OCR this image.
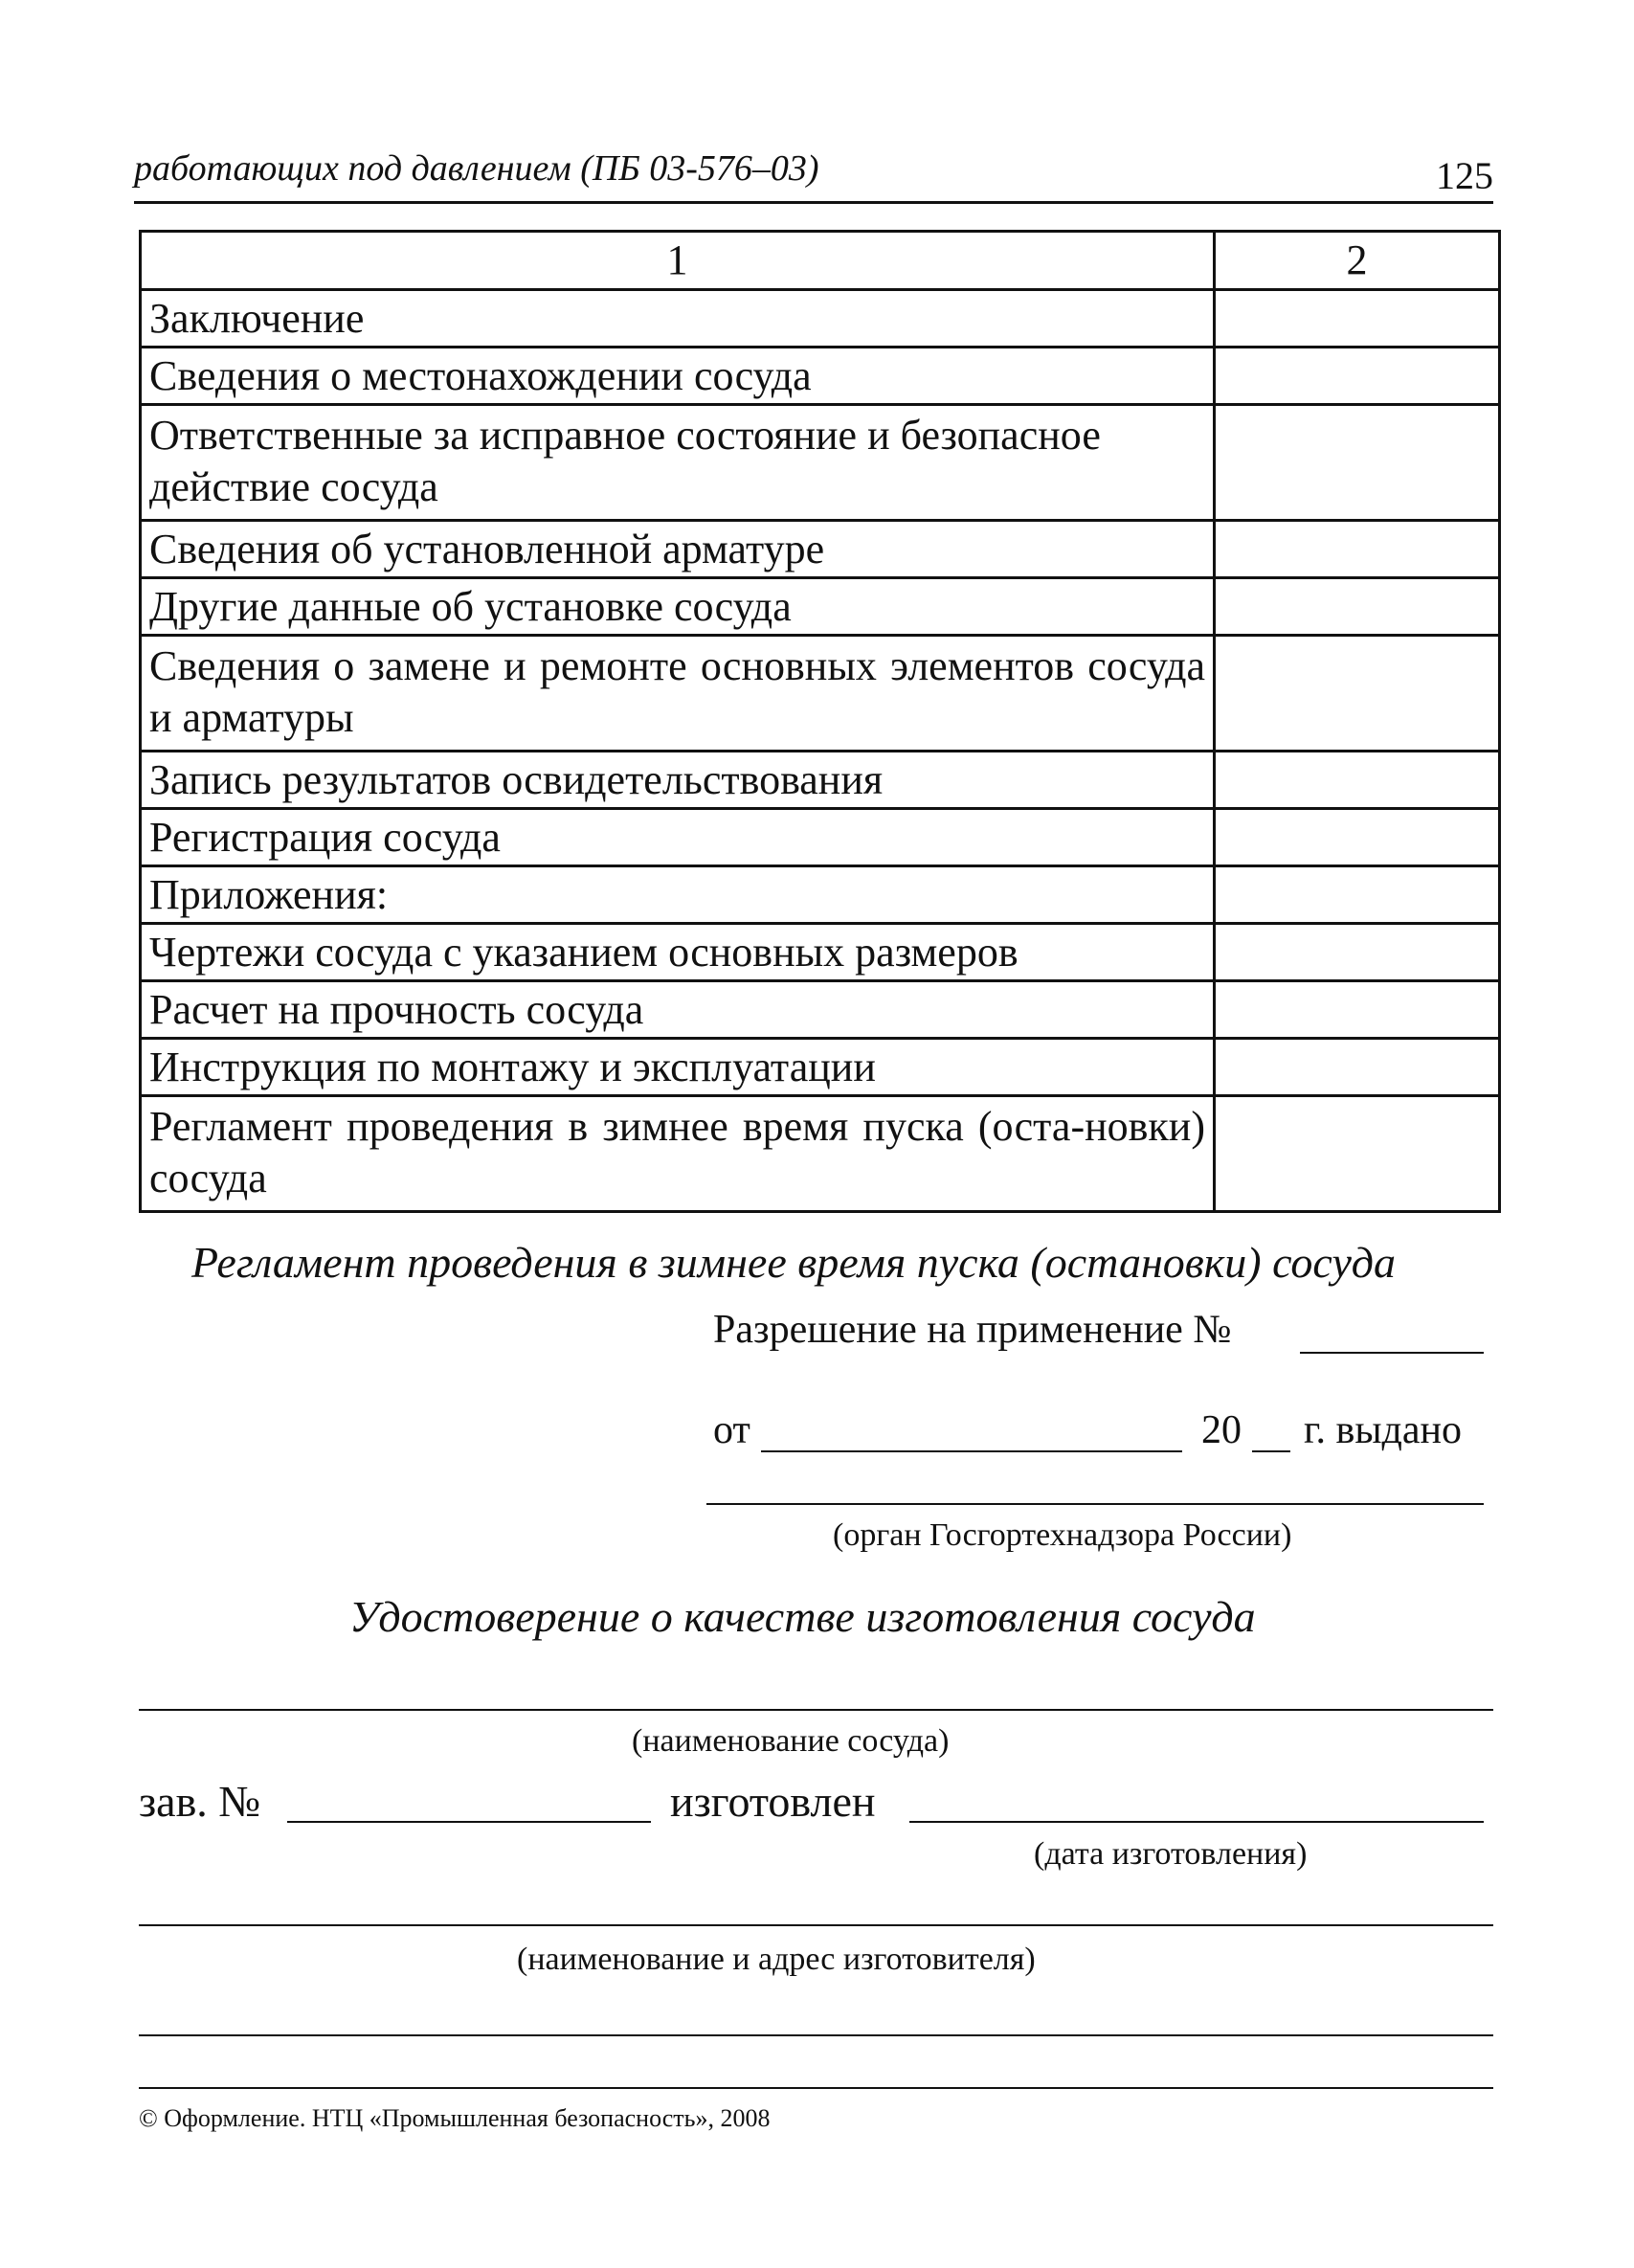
работающих под давлением (ПБ 03-576–03)	125
1	2
Заключение	
Сведения о местонахождении сосуда	
Ответственные за исправное состояние и безопасное действие сосуда	
Сведения об установленной арматуре	
Другие данные об установке сосуда	
Сведения о замене и ремонте основных элементов сосуда и арматуры	
Запись результатов освидетельствования	
Регистрация сосуда	
Приложения:	
Чертежи сосуда с указанием основных размеров	
Расчет на прочность сосуда	
Инструкция по монтажу и эксплуатации	
Регламент проведения в зимнее время пуска (оста-новки) сосуда	
Регламент проведения в зимнее время пуска (остановки) сосуда
Разрешение на применение №
от	20 г. выдано
(орган Госгортехнадзора России)
Удостоверение о качестве изготовления сосуда
(наименование сосуда)
зав. №	изготовлен
(дата изготовления)
(наименование и адрес изготовителя)
© Оформление. НТЦ «Промышленная безопасность», 2008
